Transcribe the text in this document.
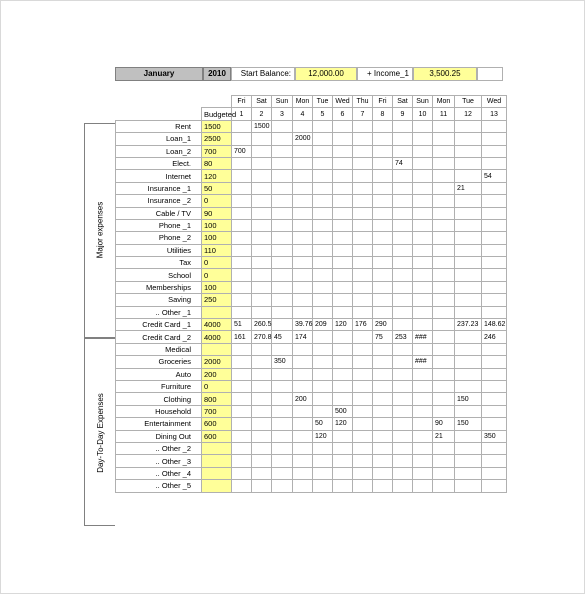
January	2010	Start Balance:	12,000.00	+ Income_1	3,500.25
Major expenses
Day-To-Day Expenses
		Fri	Sat	Sun	Mon	Tue	Wed	Thu	Fri	Sat	Sun	Mon	Tue	Wed
	Budgeted	1	2	3	4	5	6	7	8	9	10	11	12	13
Rent	1500		1500											
Loan_1	2500				2000									
Loan_2	700	700												
Elect.	80									74				
Internet	120													54
Insurance _1	50												21	
Insurance _2	0													
Cable / TV	90													
Phone _1	100													
Phone _2	100													
Utilities	110													
Tax	0													
School	0													
Memberships	100													
Saving	250													
.. Other _1														
Credit Card _1	4000	51	260.5		39.76	209	120	176	290				237.23	148.62
Credit Card _2	4000	161	270.8	45	174				75	253	###			246
Medical														
Groceries	2000			350							###			
Auto	200													
Furniture	0													
Clothing	800				200								150	
Household	700						500							
Entertainment	600					50	120					90	150	
Dining Out	600					120						21		350
.. Other _2														
.. Other _3														
.. Other _4														
.. Other _5														
